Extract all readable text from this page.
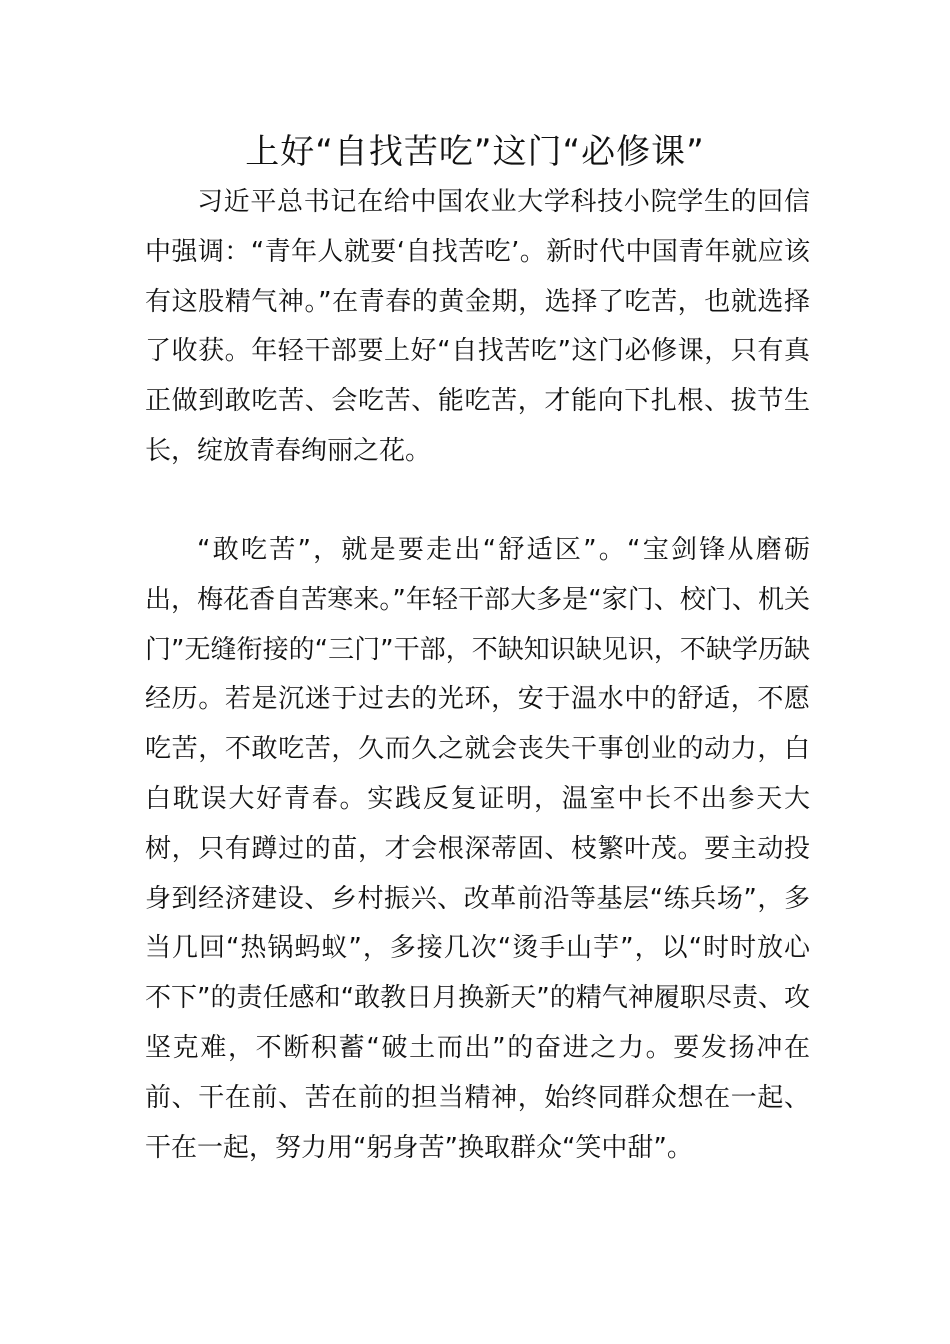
上好“自找苦吃”这门“必修课”

习近平总书记在给中国农业大学科技小院学生的回信中强调：“青年人就要‘自找苦吃’。新时代中国青年就应该有这股精气神。”在青春的黄金期，选择了吃苦，也就选择了收获。年轻干部要上好“自找苦吃”这门必修课，只有真正做到敢吃苦、会吃苦、能吃苦，才能向下扎根、拔节生长，绽放青春绚丽之花。

“敢吃苦”，就是要走出“舒适区”。“宝剑锋从磨砺出，梅花香自苦寒来。”年轻干部大多是“家门、校门、机关门”无缝衔接的“三门”干部，不缺知识缺见识，不缺学历缺经历。若是沉迷于过去的光环，安于温水中的舒适，不愿吃苦，不敢吃苦，久而久之就会丧失干事创业的动力，白白耽误大好青春。实践反复证明，温室中长不出参天大树，只有蹲过的苗，才会根深蒂固、枝繁叶茂。要主动投身到经济建设、乡村振兴、改革前沿等基层“练兵场”，多当几回“热锅蚂蚁”，多接几次“烫手山芋”，以“时时放心不下”的责任感和“敢教日月换新天”的精气神履职尽责、攻坚克难，不断积蓄“破土而出”的奋进之力。要发扬冲在前、干在前、苦在前的担当精神，始终同群众想在一起、干在一起，努力用“躬身苦”换取群众“笑中甜”。
